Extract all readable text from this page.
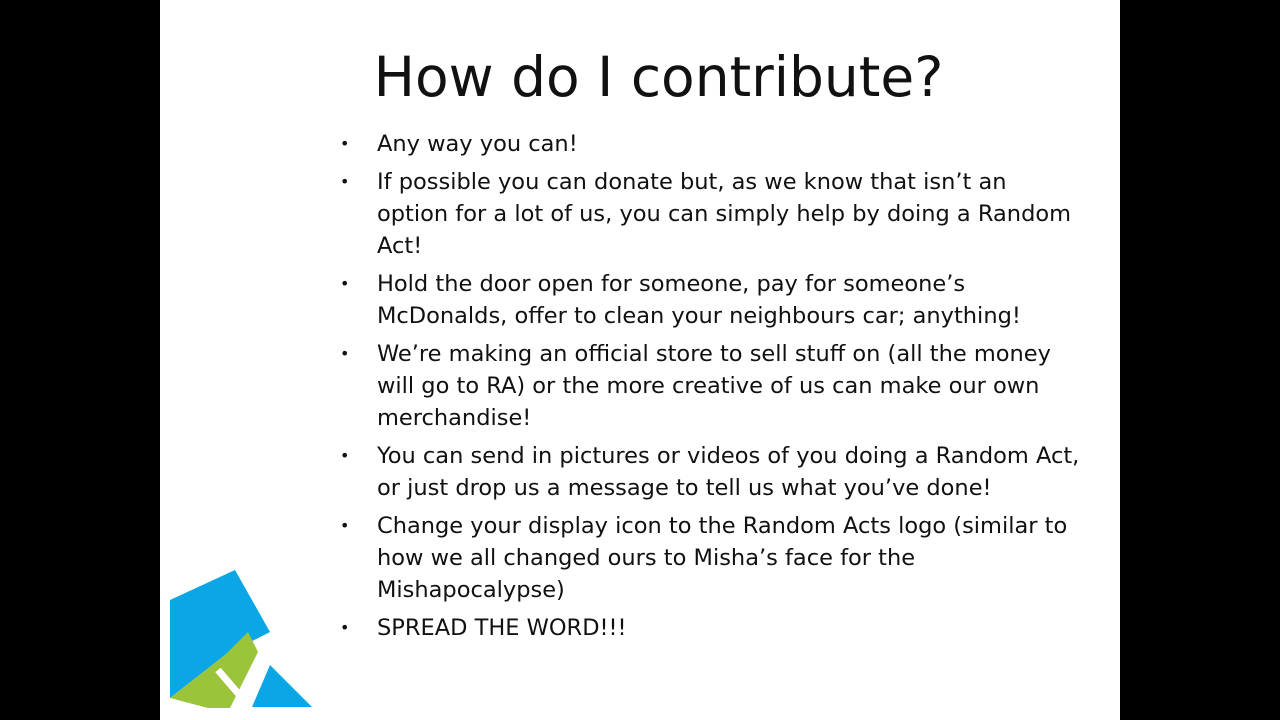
How do I contribute?
•	Any way you can!
•	If possible you can donate but, as we know that isn’t an option for a lot of us, you can simply help by doing a Random Act!
•	Hold the door open for someone, pay for someone’s McDonalds, offer to clean your neighbours car; anything!
•	We’re making an official store to sell stuff on (all the money will go to RA) or the more creative of us can make our own merchandise!
•	You can send in pictures or videos of you doing a Random Act, or just drop us a message to tell us what you’ve done!
•	Change your display icon to the Random Acts logo (similar to how we all changed ours to Misha’s face for the Mishapocalypse)
•	SPREAD THE WORD!!!
